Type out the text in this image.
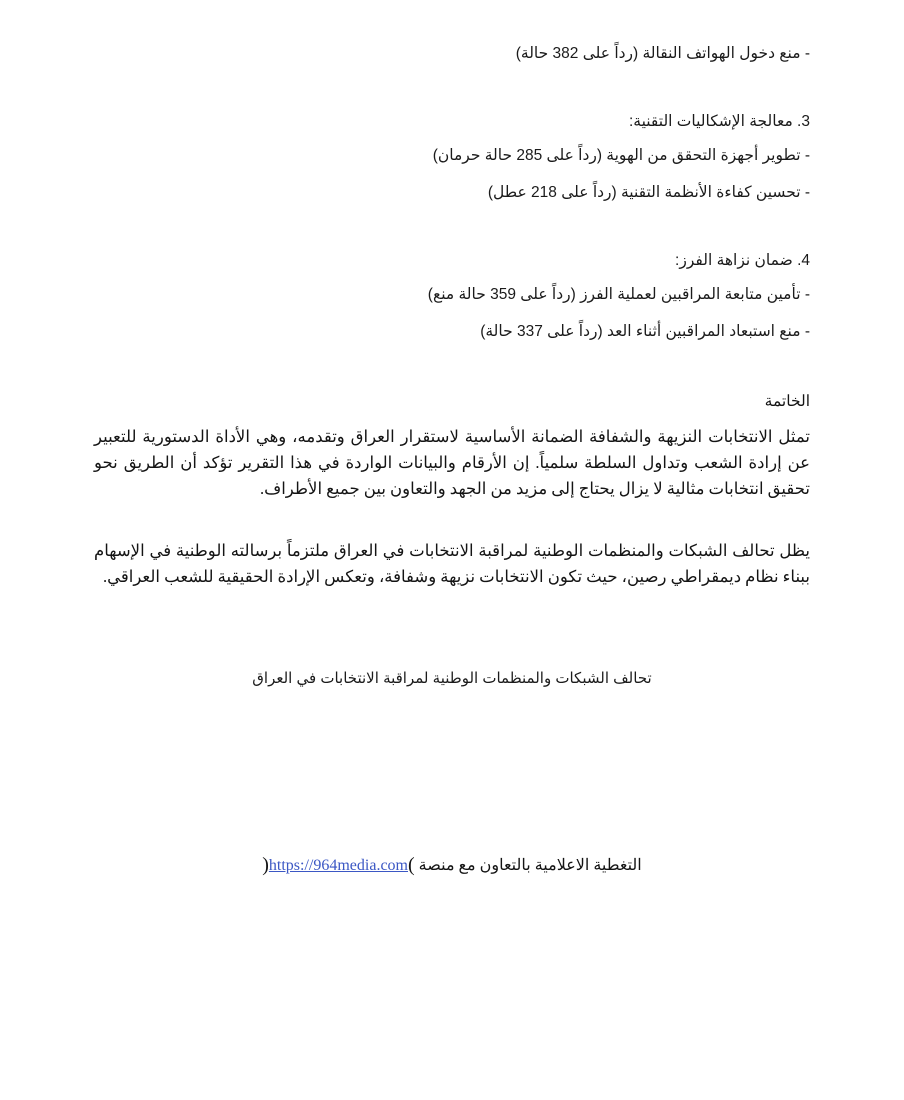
- منع دخول الهواتف النقالة (رداً على 382 حالة)
3. معالجة الإشكاليات التقنية:
- تطوير أجهزة التحقق من الهوية (رداً على 285 حالة حرمان)
- تحسين كفاءة الأنظمة التقنية (رداً على 218 عطل)
4. ضمان نزاهة الفرز:
- تأمين متابعة المراقبين لعملية الفرز (رداً على 359 حالة منع)
- منع استبعاد المراقبين أثناء العد (رداً على 337 حالة)
الخاتمة
تمثل الانتخابات النزيهة والشفافة الضمانة الأساسية لاستقرار العراق وتقدمه، وهي الأداة الدستورية للتعبير عن إرادة الشعب وتداول السلطة سلمياً. إن الأرقام والبيانات الواردة في هذا التقرير تؤكد أن الطريق نحو تحقيق انتخابات مثالية لا يزال يحتاج إلى مزيد من الجهد والتعاون بين جميع الأطراف.
يظل تحالف الشبكات والمنظمات الوطنية لمراقبة الانتخابات في العراق ملتزماً برسالته الوطنية في الإسهام ببناء نظام ديمقراطي رصين، حيث تكون الانتخابات نزيهة وشفافة، وتعكس الإرادة الحقيقية للشعب العراقي.
تحالف الشبكات والمنظمات الوطنية لمراقبة الانتخابات في العراق
التغطية الاعلامية بالتعاون مع منصة )https://964media.com(
